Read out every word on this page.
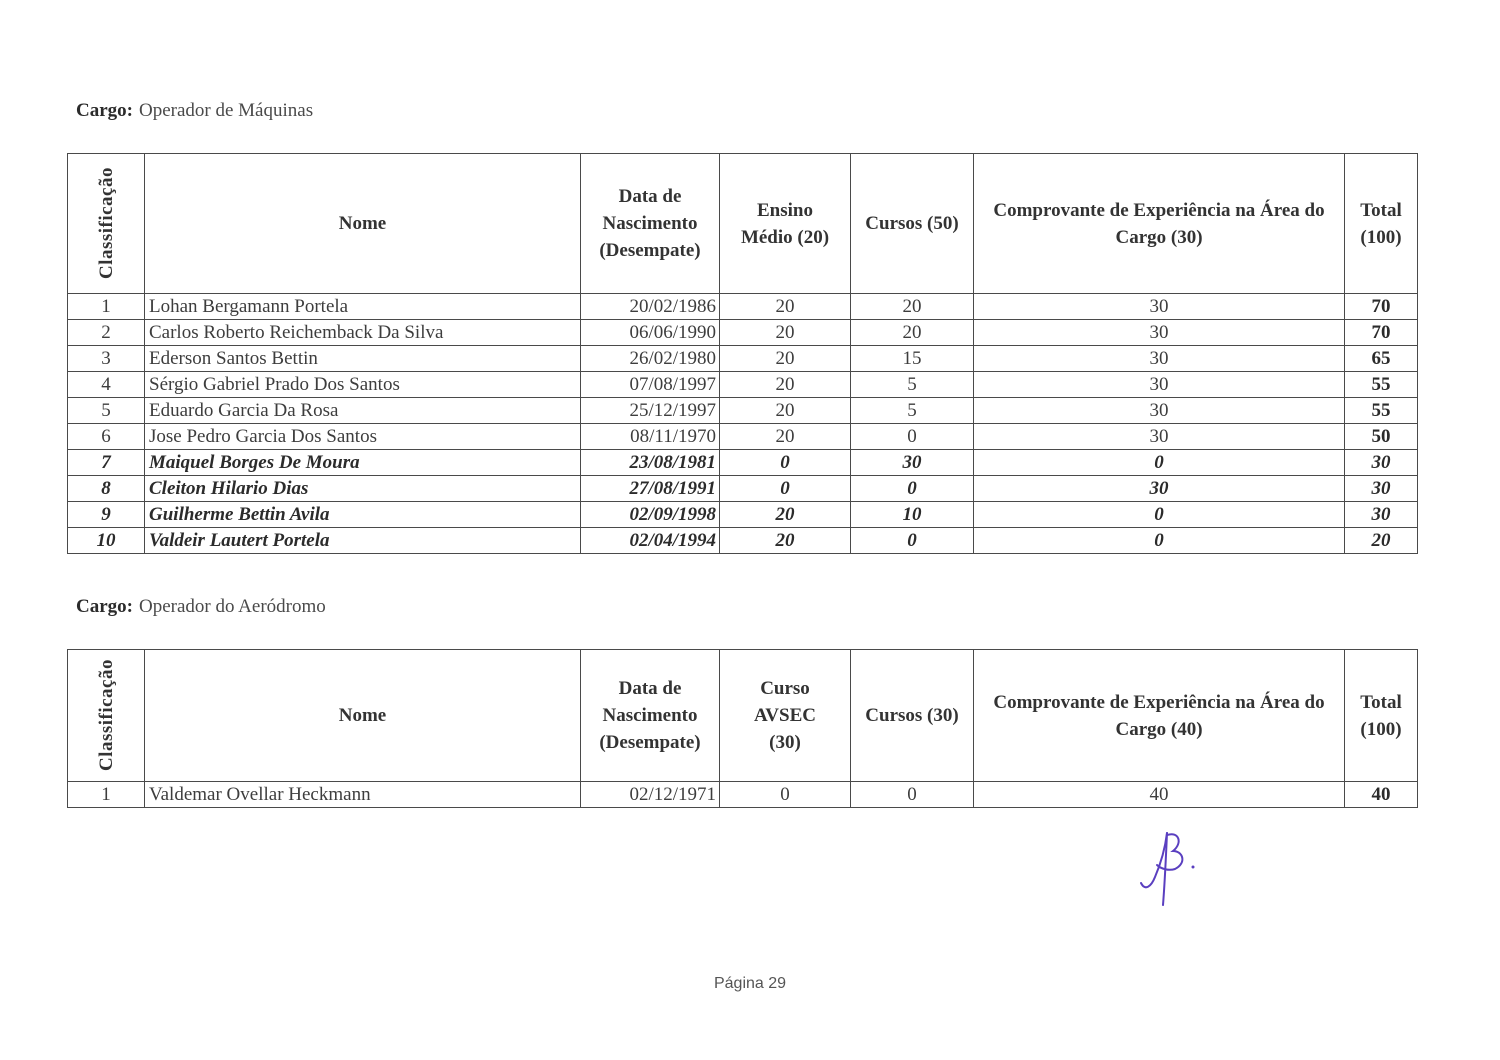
Cargo: Operador de Máquinas
Classificação	Nome	Data de Nascimento (Desempate)	Ensino Médio (20)	Cursos (50)	Comprovante de Experiência na Área do Cargo (30)	Total (100)
1	Lohan Bergamann Portela	20/02/1986	20	20	30	70
2	Carlos Roberto Reichemback Da Silva	06/06/1990	20	20	30	70
3	Ederson Santos Bettin	26/02/1980	20	15	30	65
4	Sérgio Gabriel Prado Dos Santos	07/08/1997	20	5	30	55
5	Eduardo Garcia Da Rosa	25/12/1997	20	5	30	55
6	Jose Pedro Garcia Dos Santos	08/11/1970	20	0	30	50
7	Maiquel Borges De Moura	23/08/1981	0	30	0	30
8	Cleiton Hilario Dias	27/08/1991	0	0	30	30
9	Guilherme Bettin Avila	02/09/1998	20	10	0	30
10	Valdeir Lautert Portela	02/04/1994	20	0	0	20
Cargo: Operador do Aeródromo
Classificação	Nome	Data de Nascimento (Desempate)	Curso AVSEC (30)	Cursos (30)	Comprovante de Experiência na Área do Cargo (40)	Total (100)
1	Valdemar Ovellar Heckmann	02/12/1971	0	0	40	40
Página 29
